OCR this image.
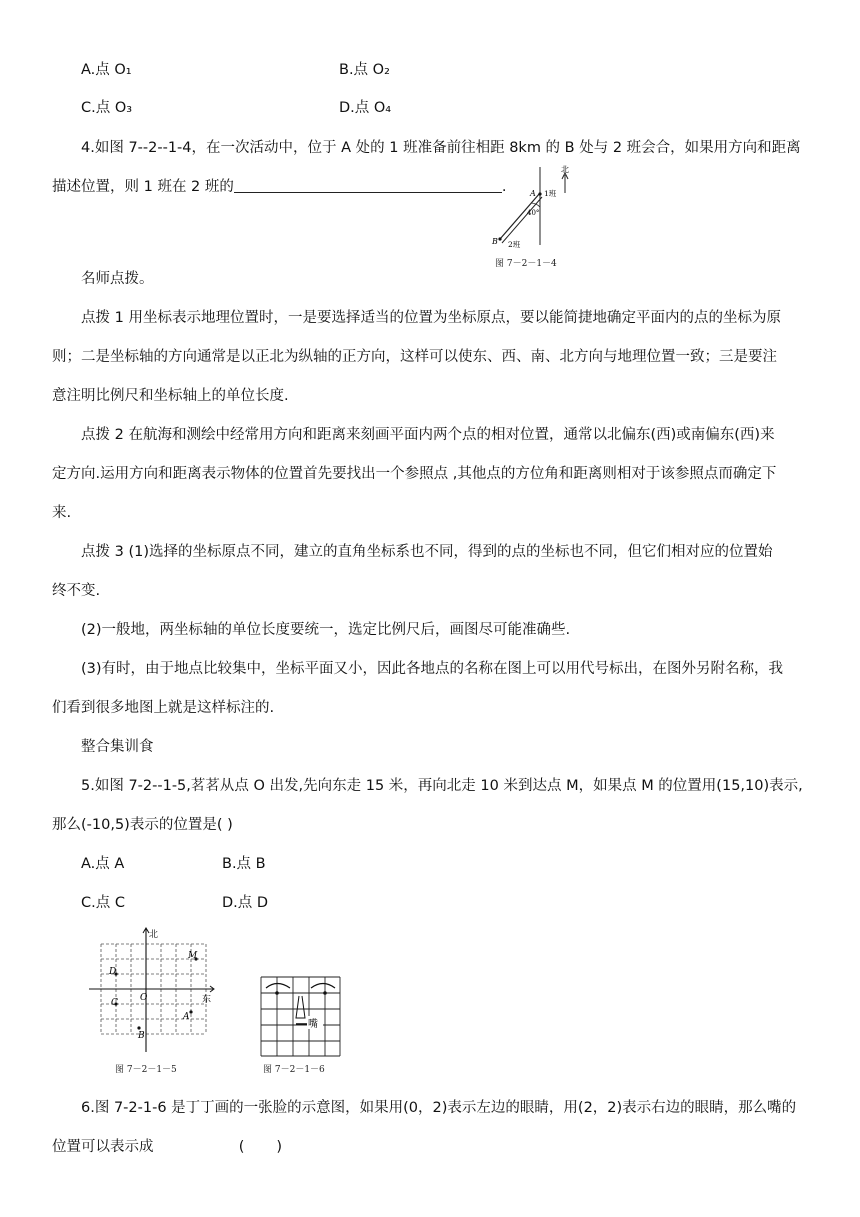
A.点 O₁	B.点 O₂
C.点 O₃	D.点 O₄
4.如图 7--2--1-4，在一次活动中，位于 A 处的 1 班准备前往相距 8km 的 B 处与 2 班会合，如果用方向和距离
描述位置，则 1 班在 2 班的	.
北
A
B
1班
2班
40°
图 7－2－1－4
名师点拨。
点拨 1 用坐标表示地理位置时，一是要选择适当的位置为坐标原点，要以能简捷地确定平面内的点的坐标为原
则；二是坐标轴的方向通常是以正北为纵轴的正方向，这样可以使东、西、南、北方向与地理位置一致；三是要注
意注明比例尺和坐标轴上的单位长度.
点拨 2 在航海和测绘中经常用方向和距离来刻画平面内两个点的相对位置，通常以北偏东(西)或南偏东(西)来
定方向.运用方向和距离表示物体的位置首先要找出一个参照点 ,其他点的方位角和距离则相对于该参照点而确定下
来.
点拨 3 (1)选择的坐标原点不同，建立的直角坐标系也不同，得到的点的坐标也不同，但它们相对应的位置始
终不变.
(2)一般地，两坐标轴的单位长度要统一，选定比例尺后，画图尽可能准确些.
(3)有时，由于地点比较集中，坐标平面又小，因此各地点的名称在图上可以用代号标出，在图外另附名称，我
们看到很多地图上就是这样标注的.
整合集训食
5.如图 7-2--1-5,茗茗从点 O 出发,先向东走 15 米，再向北走 10 米到达点 M，如果点 M 的位置用(15,10)表示,
那么(-10,5)表示的位置是( )
A.点 A	B.点 B
C.点 C	D.点 D
北
东
O
M
D
C
B
A
图 7－2－1－5
嘴
图 7－2－1－6
6.图 7-2-1-6 是丁丁画的一张脸的示意图，如果用(0，2)表示左边的眼睛，用(2，2)表示右边的眼睛，那么嘴的
位置可以表示成	( )
